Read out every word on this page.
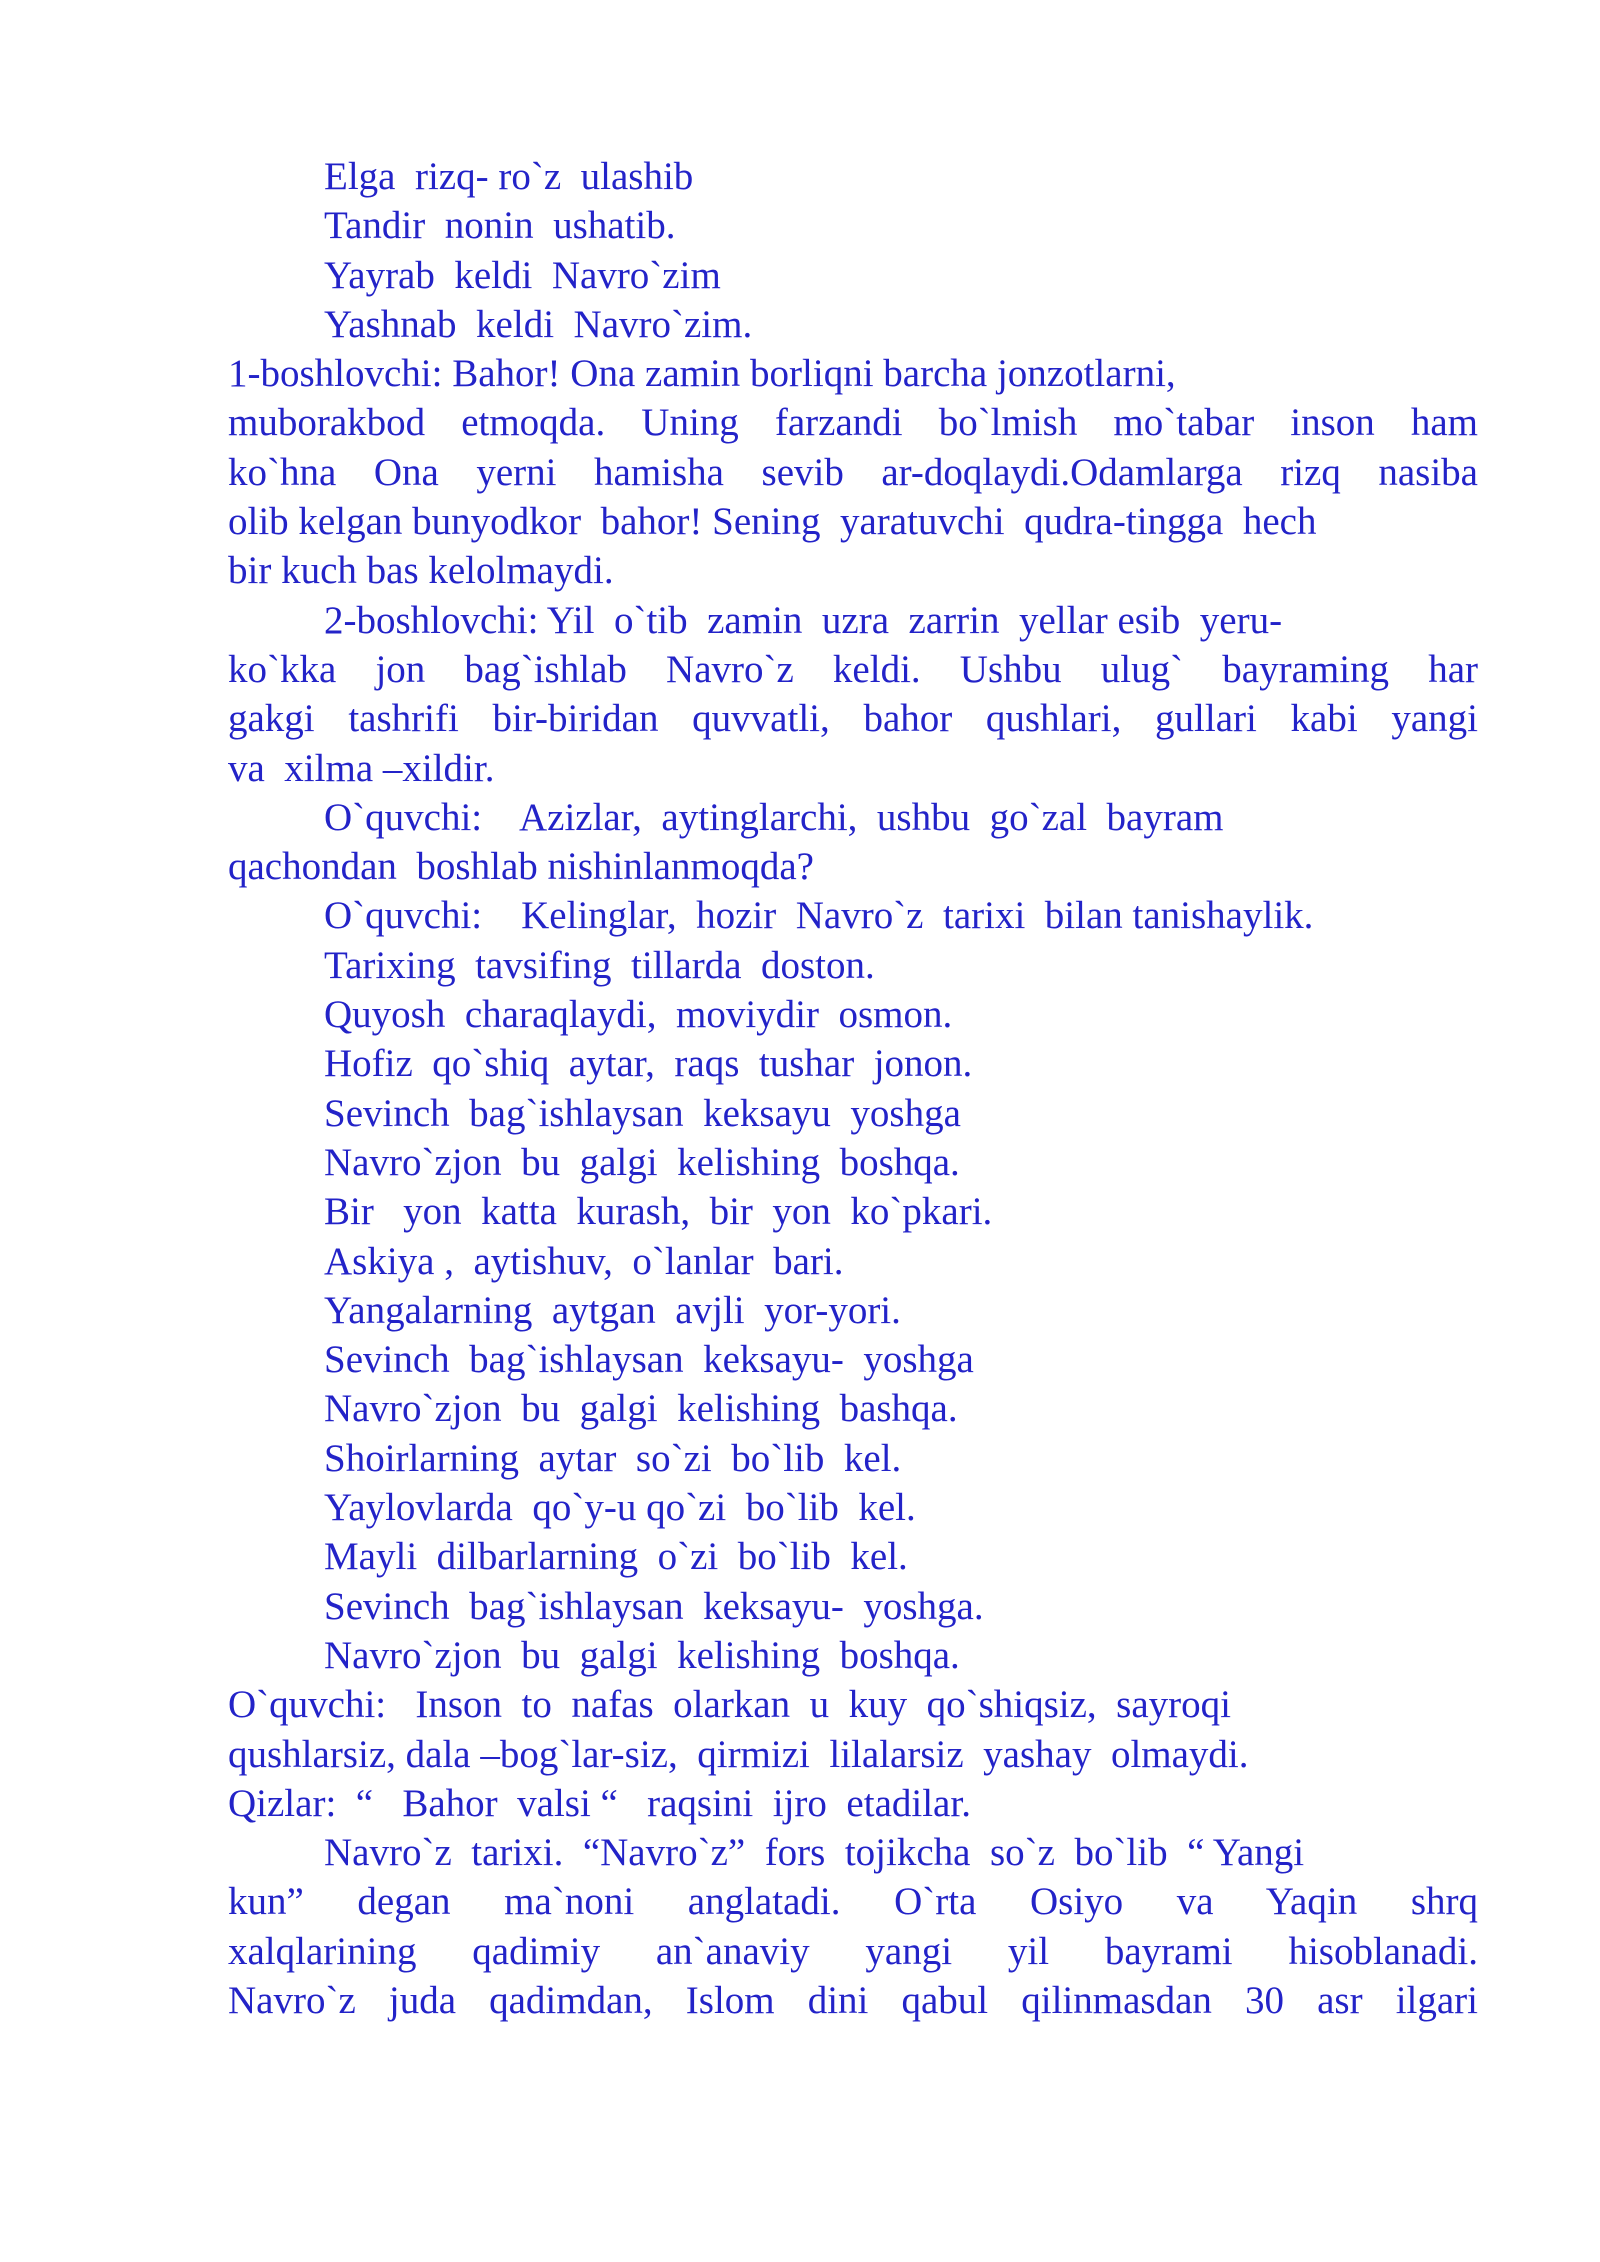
Elga  rizq- ro`z  ulashib
Tandir  nonin  ushatib.
Yayrab  keldi  Navro`zim
Yashnab  keldi  Navro`zim.
1-boshlovchi: Bahor! Ona zamin borliqni barcha jonzotlarni,
muborakbod etmoqda. Uning farzandi bo`lmish mo`tabar inson ham
ko`hna Ona yerni hamisha sevib ar-doqlaydi.Odamlarga rizq nasiba
olib kelgan bunyodkor  bahor! Sening  yaratuvchi  qudra-tingga  hech
bir kuch bas kelolmaydi.
2-boshlovchi: Yil  o`tib  zamin  uzra  zarrin  yellar esib  yeru-
ko`kka jon bag`ishlab Navro`z keldi. Ushbu ulug` bayraming har
gakgi tashrifi bir-biridan quvvatli, bahor qushlari, gullari kabi yangi
va  xilma –xildir.
O`quvchi:    Azizlar,  aytinglarchi,  ushbu  go`zal  bayram
qachondan  boshlab nishinlanmoqda?
O`quvchi:    Kelinglar,  hozir  Navro`z  tarixi  bilan tanishaylik.
Tarixing  tavsifing  tillarda  doston.
Quyosh  charaqlaydi,  moviydir  osmon.
Hofiz  qo`shiq  aytar,  raqs  tushar  jonon.
Sevinch  bag`ishlaysan  keksayu  yoshga
Navro`zjon  bu  galgi  kelishing  boshqa.
Bir   yon  katta  kurash,  bir  yon  ko`pkari.
Askiya ,  aytishuv,  o`lanlar  bari.
Yangalarning  aytgan  avjli  yor-yori.
Sevinch  bag`ishlaysan  keksayu-  yoshga
Navro`zjon  bu  galgi  kelishing  bashqa.
Shoirlarning  aytar  so`zi  bo`lib  kel.
Yaylovlarda  qo`y-u qo`zi  bo`lib  kel.
Mayli  dilbarlarning  o`zi  bo`lib  kel.
Sevinch  bag`ishlaysan  keksayu-  yoshga.
Navro`zjon  bu  galgi  kelishing  boshqa.
O`quvchi:   Inson  to  nafas  olarkan  u  kuy  qo`shiqsiz,  sayroqi
qushlarsiz, dala –bog`lar-siz,  qirmizi  lilalarsiz  yashay  olmaydi.
Qizlar:  “   Bahor  valsi “   raqsini  ijro  etadilar.
Navro`z  tarixi.  “Navro`z”  fors  tojikcha  so`z  bo`lib  “ Yangi
kun” degan ma`noni anglatadi. O`rta Osiyo va Yaqin shrq
xalqlarining qadimiy an`anaviy yangi yil bayrami hisoblanadi.
Navro`z juda qadimdan, Islom dini qabul qilinmasdan 30 asr ilgari
